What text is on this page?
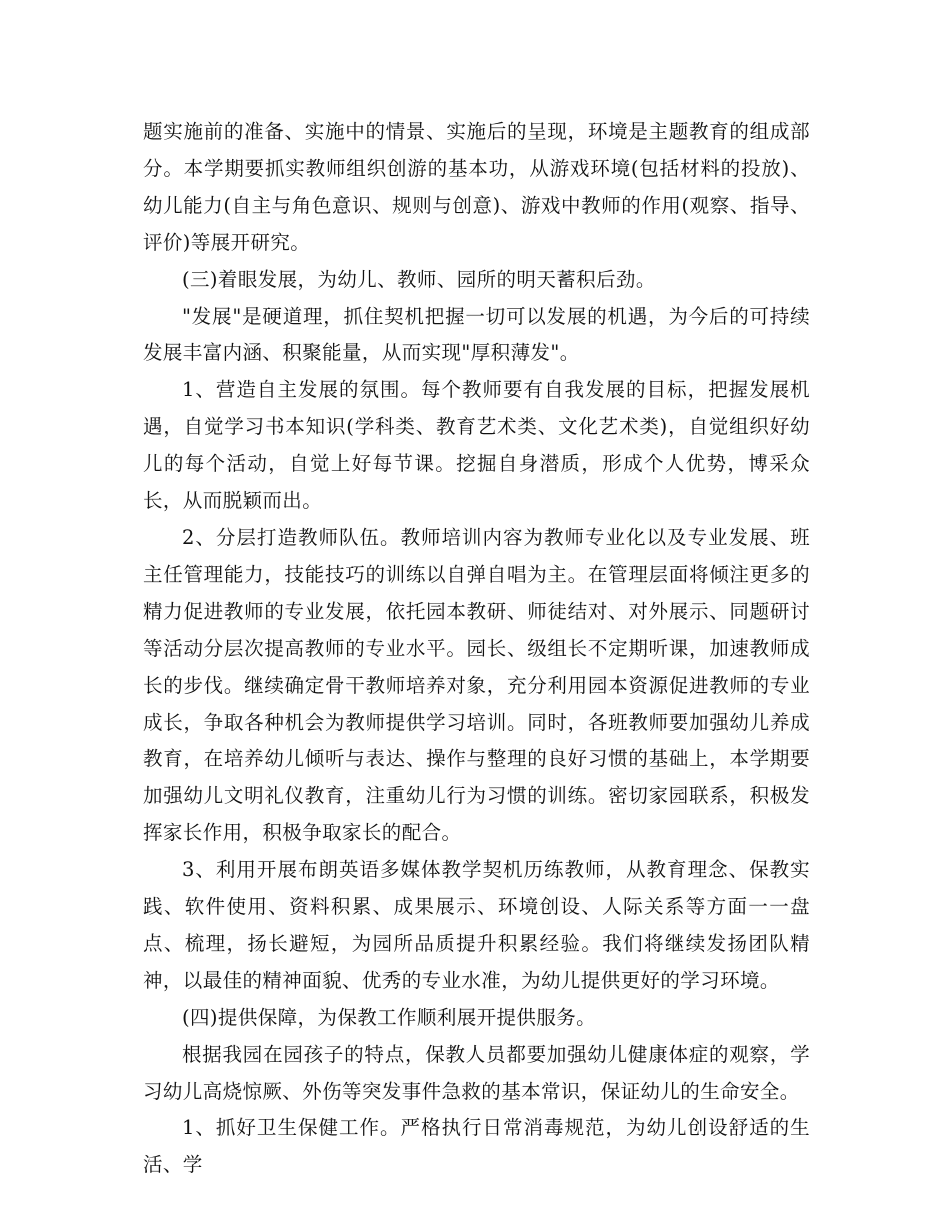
题实施前的准备、实施中的情景、实施后的呈现，环境是主题教育的组成部分。本学期要抓实教师组织创游的基本功，从游戏环境(包括材料的投放)、幼儿能力(自主与角色意识、规则与创意)、游戏中教师的作用(观察、指导、评价)等展开研究。

(三)着眼发展，为幼儿、教师、园所的明天蓄积后劲。

"发展"是硬道理，抓住契机把握一切可以发展的机遇，为今后的可持续发展丰富内涵、积聚能量，从而实现"厚积薄发"。

1、营造自主发展的氛围。每个教师要有自我发展的目标，把握发展机遇，自觉学习书本知识(学科类、教育艺术类、文化艺术类)，自觉组织好幼儿的每个活动，自觉上好每节课。挖掘自身潜质，形成个人优势，博采众长，从而脱颖而出。

2、分层打造教师队伍。教师培训内容为教师专业化以及专业发展、班主任管理能力，技能技巧的训练以自弹自唱为主。在管理层面将倾注更多的精力促进教师的专业发展，依托园本教研、师徒结对、对外展示、同题研讨等活动分层次提高教师的专业水平。园长、级组长不定期听课，加速教师成长的步伐。继续确定骨干教师培养对象，充分利用园本资源促进教师的专业成长，争取各种机会为教师提供学习培训。同时，各班教师要加强幼儿养成教育，在培养幼儿倾听与表达、操作与整理的良好习惯的基础上，本学期要加强幼儿文明礼仪教育，注重幼儿行为习惯的训练。密切家园联系，积极发挥家长作用，积极争取家长的配合。

3、利用开展布朗英语多媒体教学契机历练教师，从教育理念、保教实践、软件使用、资料积累、成果展示、环境创设、人际关系等方面一一盘点、梳理，扬长避短，为园所品质提升积累经验。我们将继续发扬团队精神，以最佳的精神面貌、优秀的专业水准，为幼儿提供更好的学习环境。

(四)提供保障，为保教工作顺利展开提供服务。

根据我园在园孩子的特点，保教人员都要加强幼儿健康体症的观察，学习幼儿高烧惊厥、外伤等突发事件急救的基本常识，保证幼儿的生命安全。

1、抓好卫生保健工作。严格执行日常消毒规范，为幼儿创设舒适的生活、学
